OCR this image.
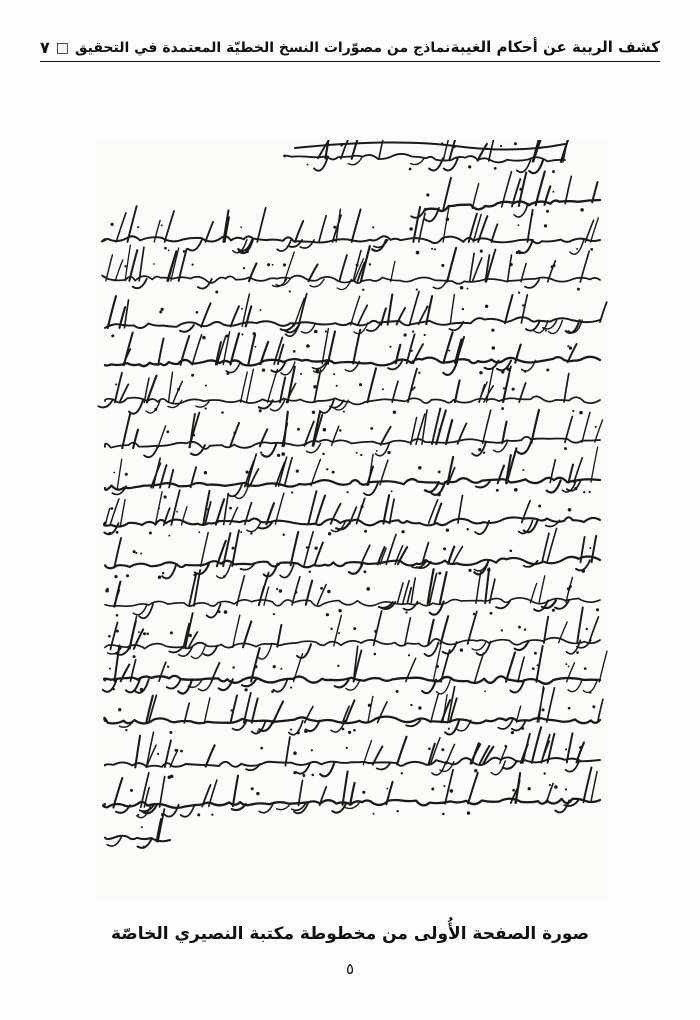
كشف الريبة عن أحكام الغيبة
نماذج من مصوّرات النسخ الخطيّة المعتمدة في التحقيق
□
٧
صورة الصفحة الأُولى من مخطوطة مكتبة النصيري الخاصّة
٥
